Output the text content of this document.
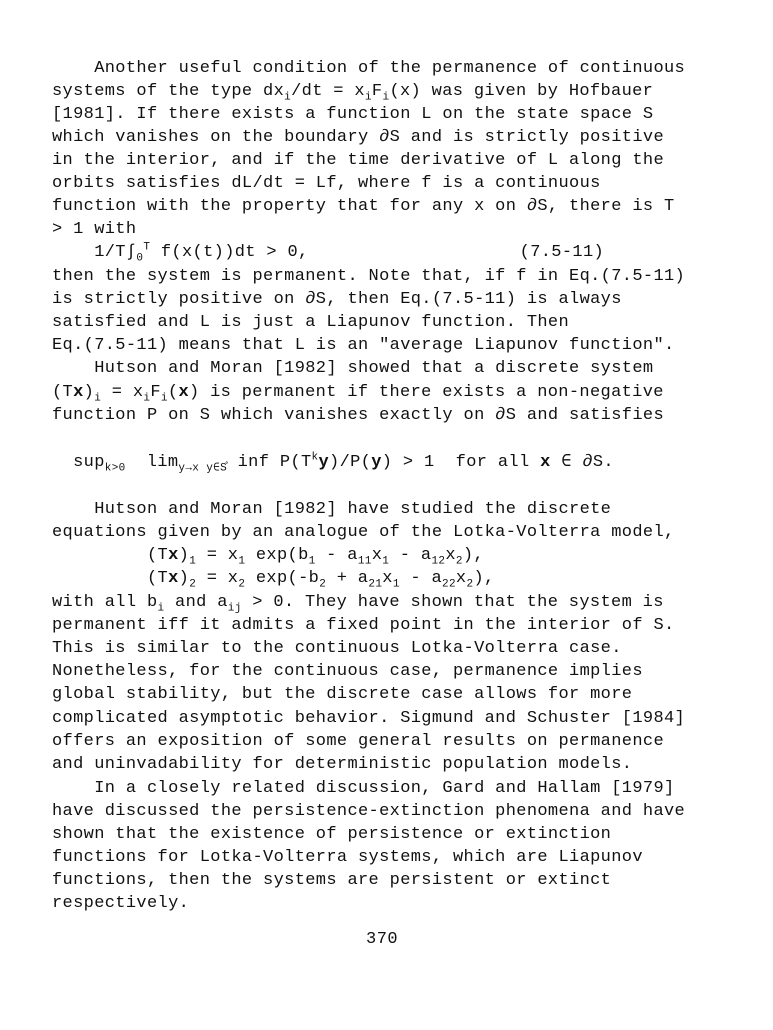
Another useful condition of the permanence of continuous
systems of the type $dx_i/dt = x_iF_i(x)$ was given by Hofbauer
[1981]. If there exists a function L on the state space S
which vanishes on the boundary ∂S and is strictly positive
in the interior, and if the time derivative of L along the
orbits satisfies dL/dt = Lf, where f is a continuous
function with the property that for any x on ∂S, there is T
> 1 with
$1/T\int_0^T$ f(x(t))dt > 0,                    (7.5-11)
then the system is permanent. Note that, if f in Eq.(7.5-11)
is strictly positive on ∂S, then Eq.(7.5-11) is always
satisfied and L is just a Liapunov function. Then
Eq.(7.5-11) means that L is an "average Liapunov function".
Hutson and Moran [1982] showed that a discrete system
$(Tx)_i = x_iF_i(x)$ is permanent if there exists a non-negative
function P on S which vanishes exactly on ∂S and satisfies
sup$_{k>0}$  $\lim_{y\to x y\in S̊}$ inf $P(T^ky)/P(y) > 1$  for all x ∈ ∂S.
Hutson and Moran [1982] have studied the discrete
equations given by an analogue of the Lotka-Volterra model,
$(Tx)_1 = x_1$ $\exp(b_1 - a_{11}x_1 - a_{12}x_2)$,
$(Tx)_2 = x_2$ $\exp(-b_2 + a_{21}x_1 - a_{22}x_2)$,
with all $b_i$ and $a_{ij} > 0$. They have shown that the system is
permanent iff it admits a fixed point in the interior of S.
This is similar to the continuous Lotka-Volterra case.
Nonetheless, for the continuous case, permanence implies
global stability, but the discrete case allows for more
complicated asymptotic behavior. Sigmund and Schuster [1984]
offers an exposition of some general results on permanence
and uninvadability for deterministic population models.
In a closely related discussion, Gard and Hallam [1979]
have discussed the persistence-extinction phenomena and have
shown that the existence of persistence or extinction
functions for Lotka-Volterra systems, which are Liapunov
functions, then the systems are persistent or extinct
respectively.
370
